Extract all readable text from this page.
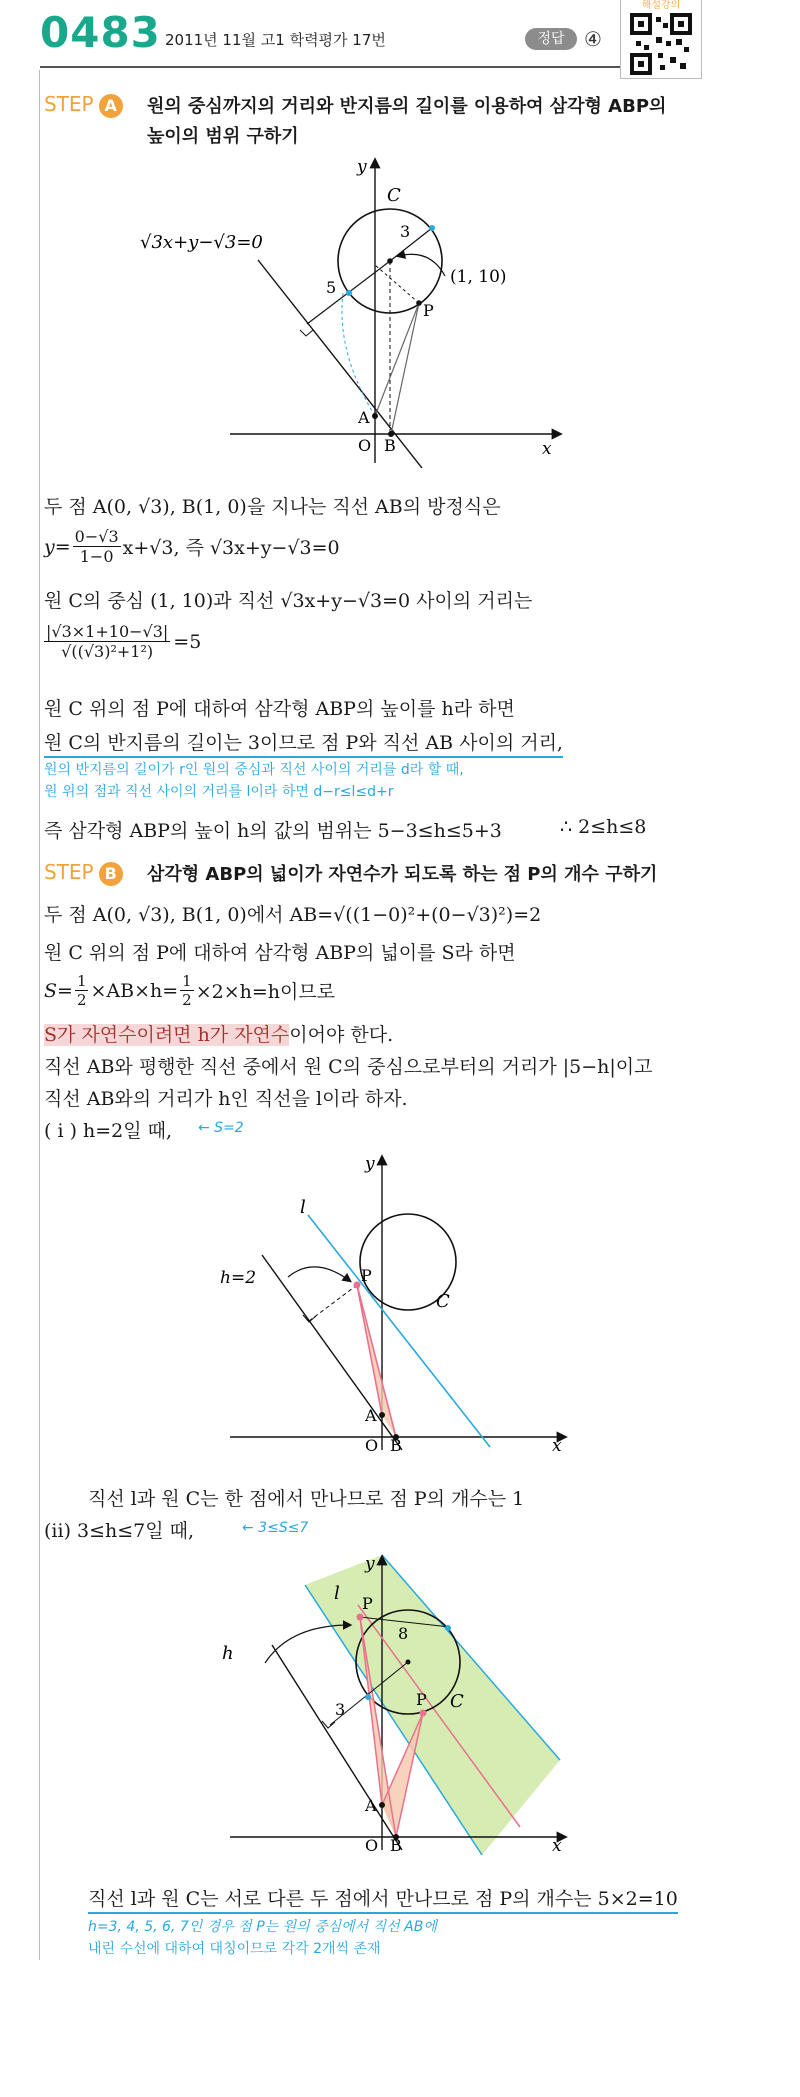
0483 2011년 11월 고1 학력평가 17번	정답 ④
해설강의
STEP A	원의 중심까지의 거리와 반지름의 길이를 이용하여 삼각형 ABP의
높이의 범위 구하기
√3x+y−√3=0
(1, 10)
C
3
5
P
A
O B	x
y
두 점 A(0, √3), B(1, 0)을 지나는 직선 AB의 방정식은
$y= \frac{0-√3}{1-0} x+√3$, 즉 √3x+y−√3=0
원 C의 중심 (1, 10)과 직선 √3x+y−√3=0 사이의 거리는
$\frac{|√3\times 1+10-√3|}{\text{√((√3)²+1²)}} =5$
원 C 위의 점 P에 대하여 삼각형 ABP의 높이를 h라 하면
원 C의 반지름의 길이는 3이므로 점 P와 직선 AB 사이의 거리,
원의 반지름의 길이가 r인 원의 중심과 직선 사이의 거리를 d라 할 때,
원 위의 점과 직선 사이의 거리를 l이라 하면 d−r≤l≤d+r
즉 삼각형 ABP의 높이 h의 값의 범위는 5−3≤h≤5+3	∴ 2≤h≤8
STEP B	삼각형 ABP의 넓이가 자연수가 되도록 하는 점 P의 개수 구하기
두 점 A(0, √3), B(1, 0)에서 AB=√((1−0)²+(0−√3)²)=2
원 C 위의 점 P에 대하여 삼각형 ABP의 넓이를 S라 하면
$S= \frac{1}{2} \times AB\times h= \frac{1}{2} \times 2\times h=h$이므로
S가 자연수이려면 h가 자연수이어야 한다.
직선 AB와 평행한 직선 중에서 원 C의 중심으로부터의 거리가 |5−h|이고
직선 AB와의 거리가 h인 직선을 l이라 하자.
( i ) h=2일 때, ← S=2
l
P
C
h=2
A
O B	x
y
직선 l과 원 C는 한 점에서 만나므로 점 P의 개수는 1
(ii) 3≤h≤7일 때,	← 3≤S≤7
l P
8
C
P
3
h
A
O B	x
y
직선 l과 원 C는 서로 다른 두 점에서 만나므로 점 P의 개수는 5×2=10
h=3, 4, 5, 6, 7인 경우 점 P는 원의 중심에서 직선 AB에
내린 수선에 대하여 대칭이므로 각각 2개씩 존재
